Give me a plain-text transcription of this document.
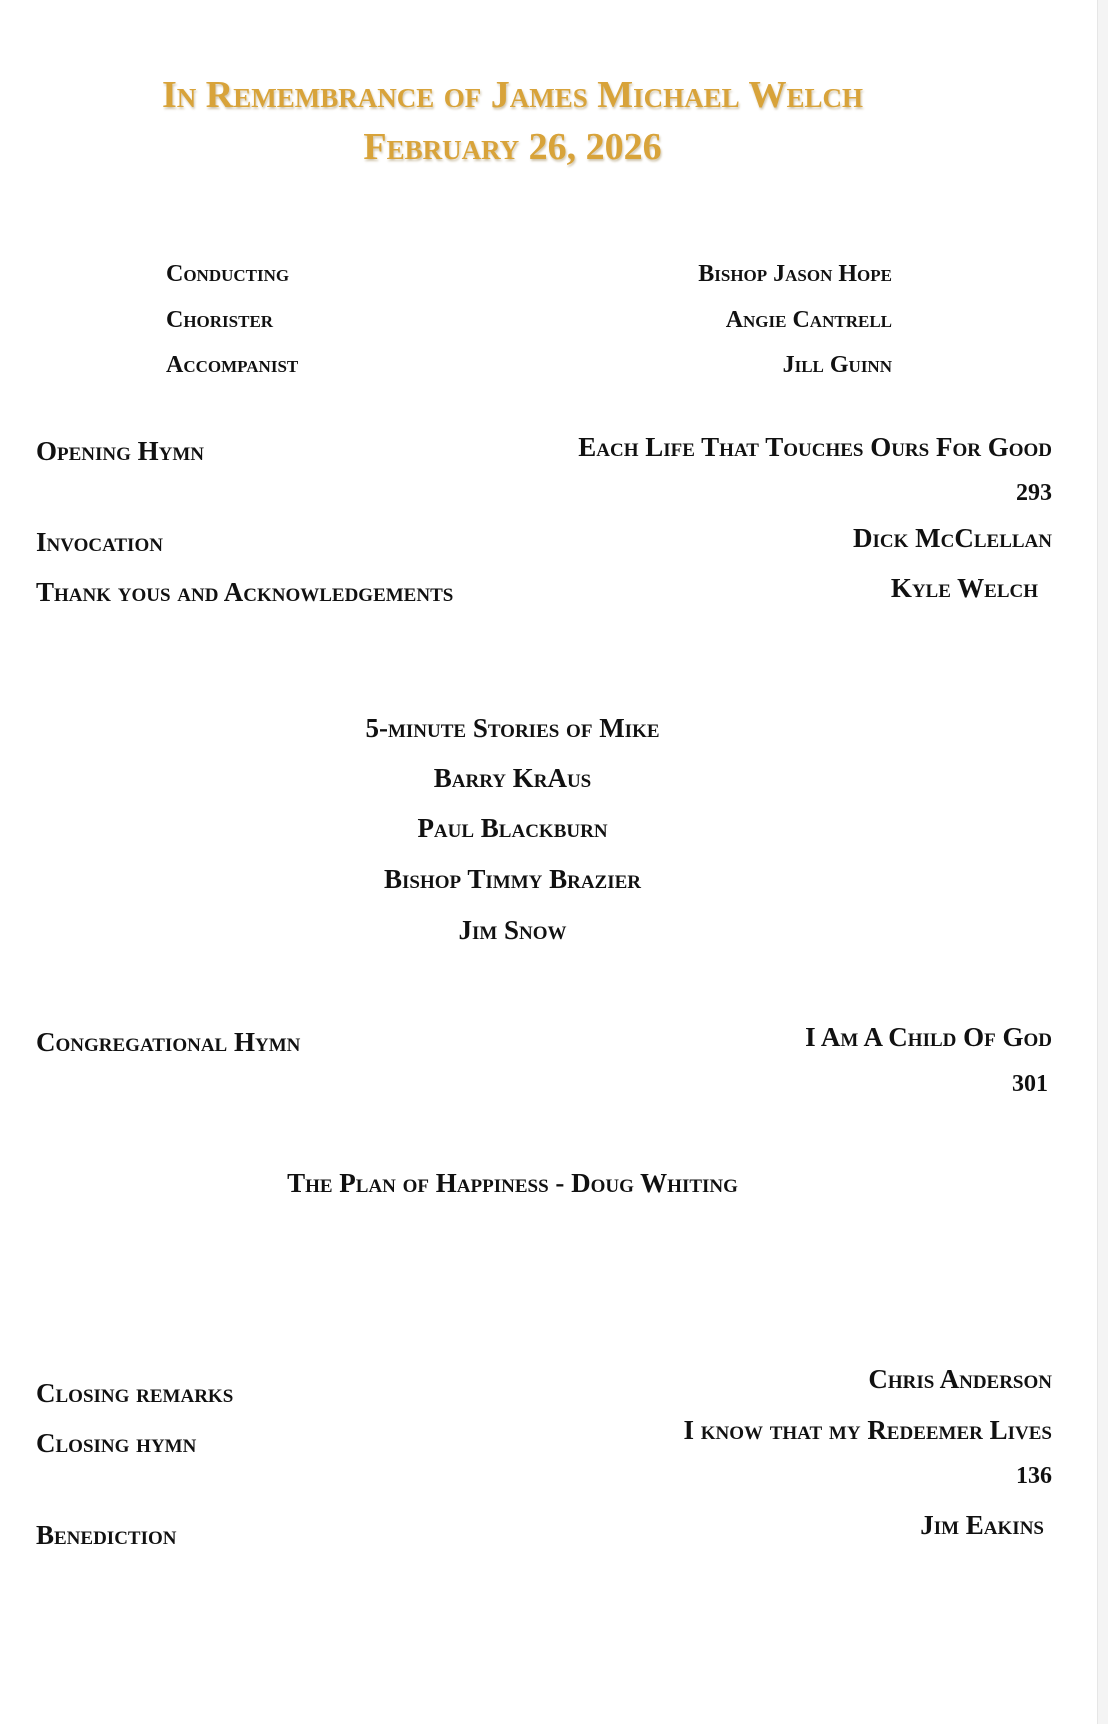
In Remembrance of James Michael Welch
February 26, 2026
Conducting	Bishop Jason Hope
Chorister	Angie Cantrell
Accompanist	Jill Guinn
Opening Hymn	Each Life That Touches Ours For Good
293
Invocation	Dick McClellan
Thank yous and Acknowledgements	Kyle Welch
5-minute Stories of Mike
Barry KrAus
Paul Blackburn
Bishop Timmy Brazier
Jim Snow
Congregational Hymn	I Am A Child Of God
301
The Plan of Happiness - Doug Whiting
Closing remarks	Chris Anderson
Closing hymn	I know that my Redeemer Lives
136
Benediction	Jim Eakins
